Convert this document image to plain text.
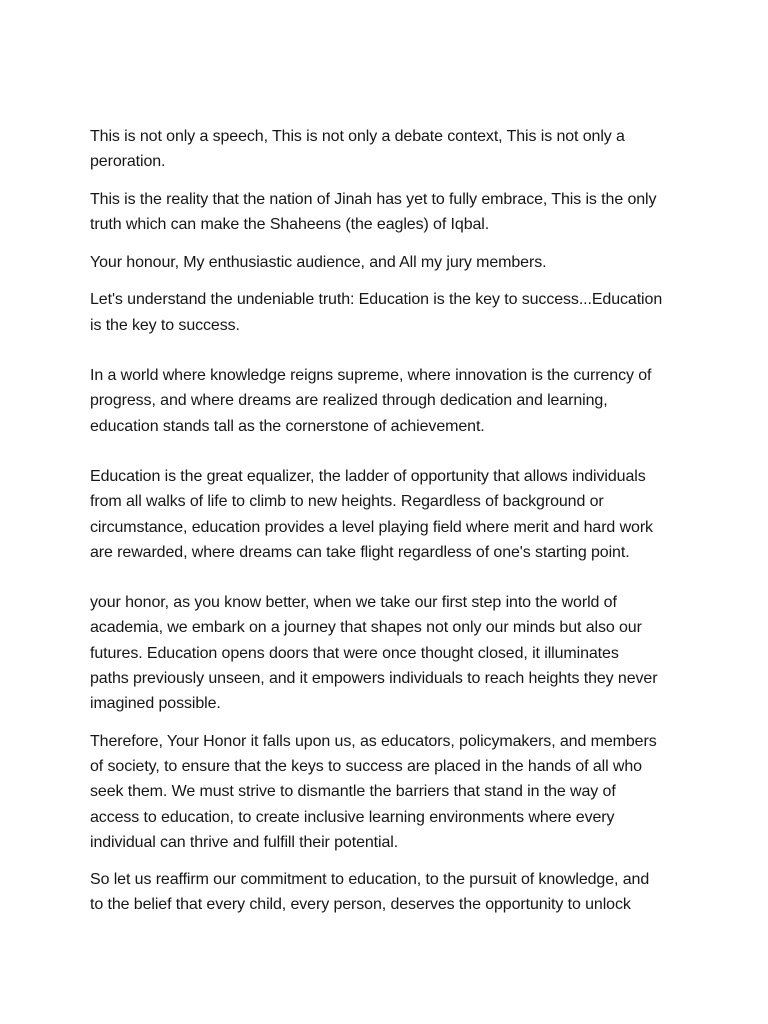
This is not only a speech, This is not only a debate context, This is not only a
peroration.

This is the reality that the nation of Jinah has yet to fully embrace, This is the only
truth which can make the Shaheens (the eagles) of Iqbal.

Your honour, My enthusiastic audience, and All my jury members.

Let's understand the undeniable truth: Education is the key to success...Education
is the key to success.

In a world where knowledge reigns supreme, where innovation is the currency of
progress, and where dreams are realized through dedication and learning,
education stands tall as the cornerstone of achievement.

Education is the great equalizer, the ladder of opportunity that allows individuals
from all walks of life to climb to new heights. Regardless of background or
circumstance, education provides a level playing field where merit and hard work
are rewarded, where dreams can take flight regardless of one's starting point.

your honor, as you know better, when we take our first step into the world of
academia, we embark on a journey that shapes not only our minds but also our
futures. Education opens doors that were once thought closed, it illuminates
paths previously unseen, and it empowers individuals to reach heights they never
imagined possible.

Therefore, Your Honor it falls upon us, as educators, policymakers, and members
of society, to ensure that the keys to success are placed in the hands of all who
seek them. We must strive to dismantle the barriers that stand in the way of
access to education, to create inclusive learning environments where every
individual can thrive and fulfill their potential.

So let us reaffirm our commitment to education, to the pursuit of knowledge, and
to the belief that every child, every person, deserves the opportunity to unlock
